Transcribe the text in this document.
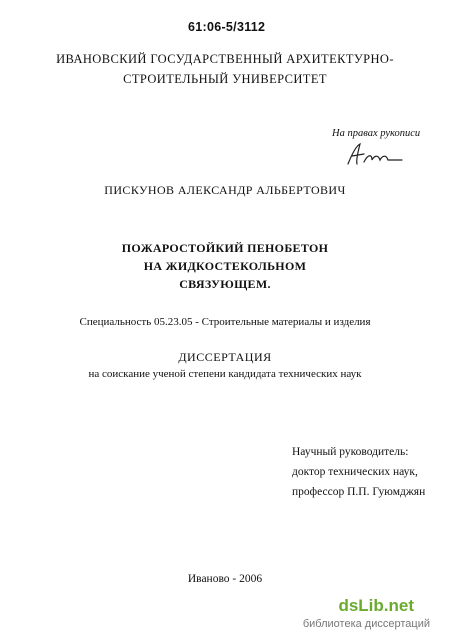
61:06-5/3112
ИВАНОВСКИЙ ГОСУДАРСТВЕННЫЙ АРХИТЕКТУРНО-
СТРОИТЕЛЬНЫЙ УНИВЕРСИТЕТ
На правах рукописи
ПИСКУНОВ АЛЕКСАНДР АЛЬБЕРТОВИЧ
ПОЖАРОСТОЙКИЙ ПЕНОБЕТОН
НА ЖИДКОСТЕКОЛЬНОМ
СВЯЗУЮЩЕМ.
Специальность 05.23.05 - Строительные материалы и изделия
ДИССЕРТАЦИЯ
на соискание ученой степени кандидата технических наук
Научный руководитель:
доктор технических наук,
профессор П.П. Гуюмджян
Иваново - 2006
dsLib.net
библиотека диссертаций
